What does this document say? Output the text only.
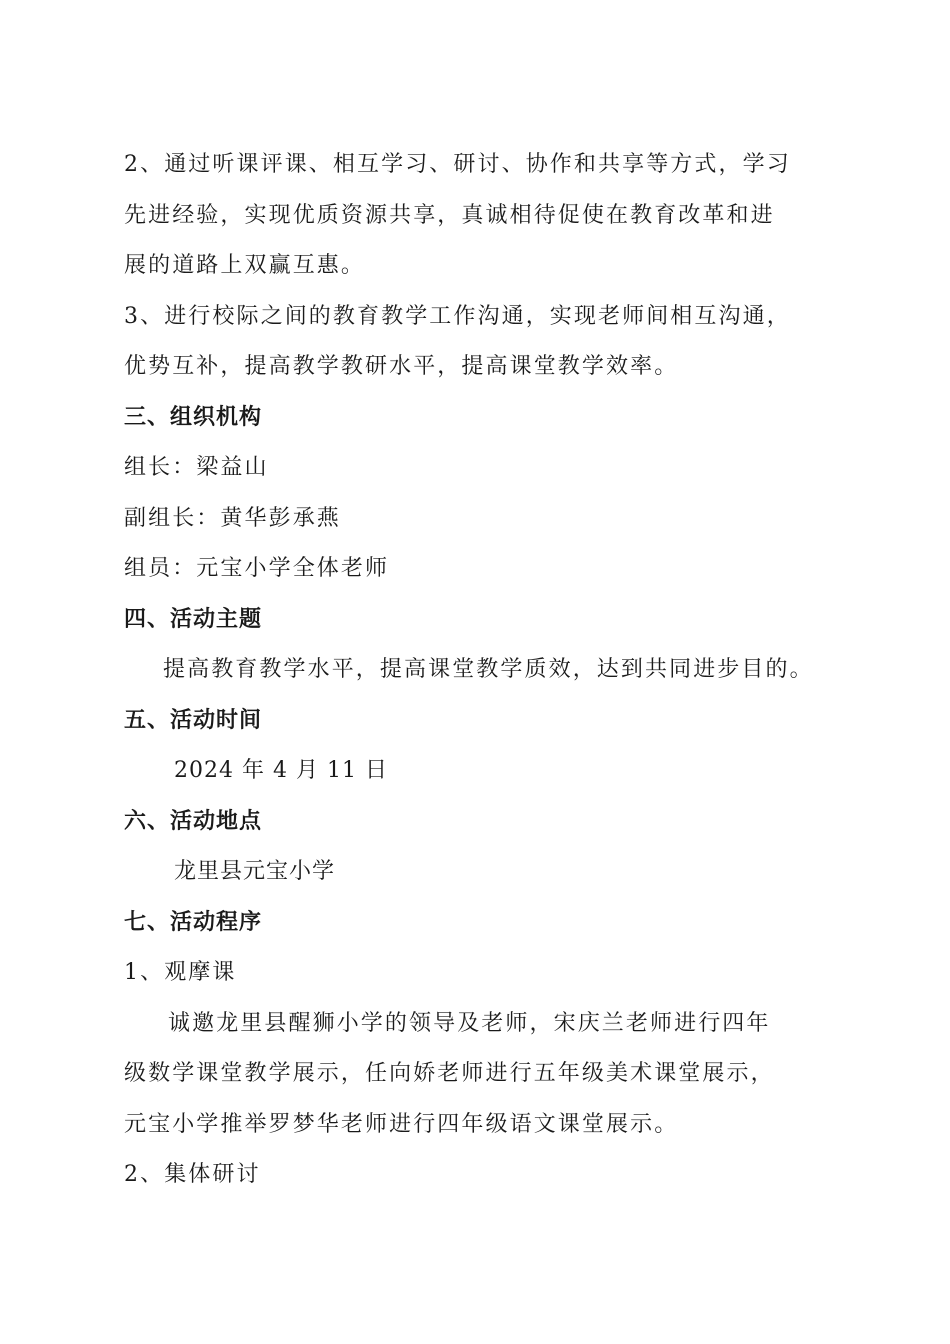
2、通过听课评课、相互学习、研讨、协作和共享等方式，学习
先进经验，实现优质资源共享，真诚相待促使在教育改革和进
展的道路上双赢互惠。
3、进行校际之间的教育教学工作沟通，实现老师间相互沟通，
优势互补，提高教学教研水平，提高课堂教学效率。
三、组织机构
组长：梁益山
副组长：黄华彭承燕
组员：元宝小学全体老师
四、活动主题
提高教育教学水平，提高课堂教学质效，达到共同进步目的。
五、活动时间
2024 年 4 月 11 日
六、活动地点
龙里县元宝小学
七、活动程序
1、观摩课
诚邀龙里县醒狮小学的领导及老师，宋庆兰老师进行四年
级数学课堂教学展示，任向娇老师进行五年级美术课堂展示，
元宝小学推举罗梦华老师进行四年级语文课堂展示。
2、集体研讨
